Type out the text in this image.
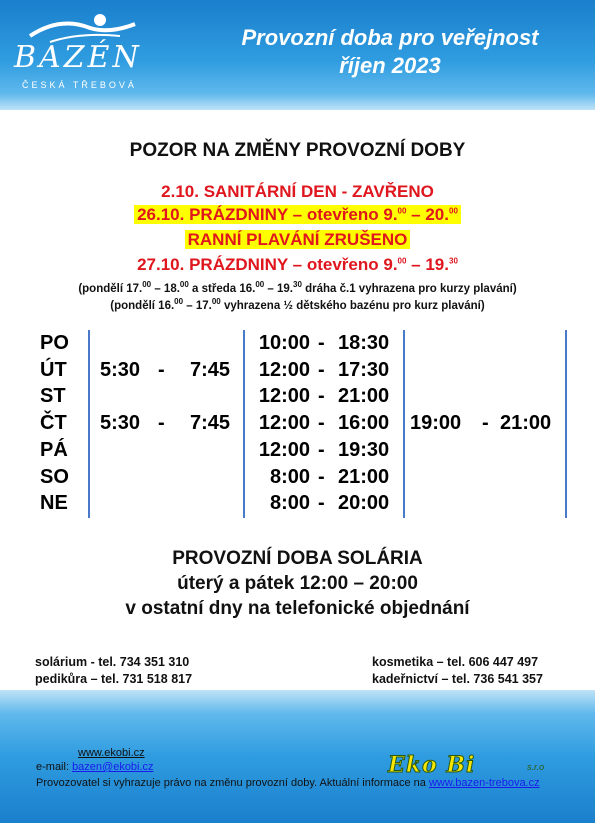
BAZÉN
ČESKÁ TŘEBOVÁ
Provozní doba pro veřejnost
říjen 2023
POZOR NA ZMĚNY PROVOZNÍ DOBY
2.10. SANITÁRNÍ DEN - ZAVŘENO
26.10. PRÁZDNINY – otevřeno 9.00 – 20.00
RANNÍ PLAVÁNÍ ZRUŠENO
27.10. PRÁZDNINY – otevřeno 9.00 – 19.30
(pondělí 17.00 – 18.00 a středa 16.00 – 19.30 dráha č.1 vyhrazena pro kurzy plavání)
(pondělí 16.00 – 17.00 vyhrazena ½ dětského bazénu pro kurz plavání)
PO	10:00 - 18:30
ÚT 5:30 - 7:45	12:00 - 17:30
ST	12:00 - 21:00
ČT 5:30 - 7:45	12:00 - 16:00 19:00 - 21:00
PÁ	12:00 - 19:30
SO	8:00 - 21:00
NE	8:00 - 20:00
PROVOZNÍ DOBA SOLÁRIA
úterý a pátek 12:00 – 20:00
v ostatní dny na telefonické objednání
solárium - tel. 734 351 310
pedikůra – tel. 731 518 817
kosmetika – tel. 606 447 497
kadeřnictví – tel. 736 541 357
www.ekobi.cz
e-mail: bazen@ekobi.cz	Eko Bi	s.r.o
Provozovatel si vyhrazuje právo na změnu provozní doby. Aktuální informace na www.bazen-trebova.cz
